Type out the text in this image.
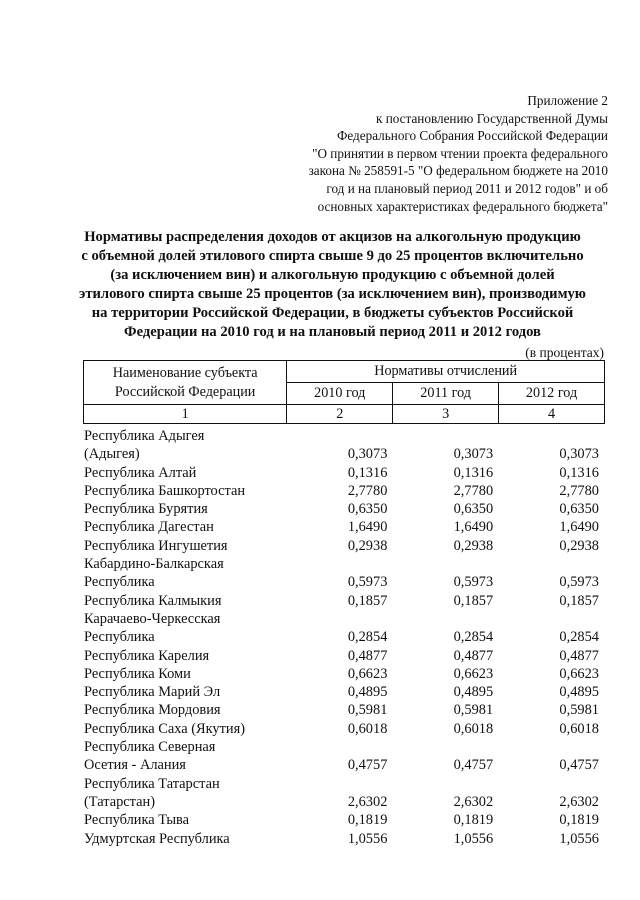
Приложение 2
к постановлению Государственной Думы
Федерального Собрания Российской Федерации
"О принятии в первом чтении проекта федерального
закона № 258591-5 "О федеральном бюджете на 2010
год и на плановый период 2011 и 2012 годов" и об
основных характеристиках федерального бюджета"
Нормативы распределения доходов от акцизов на алкогольную продукцию
с объемной долей этилового спирта свыше 9 до 25 процентов включительно
(за исключением вин) и алкогольную продукцию с объемной долей
этилового спирта свыше 25 процентов (за исключением вин), производимую
на территории Российской Федерации, в бюджеты субъектов Российской
Федерации на 2010 год и на плановый период 2011 и 2012 годов
(в процентах)
Наименование субъекта
Российской Федерации	Нормативы отчислений		
	2010 год	2011 год	2012 год
1	2	3	4
Республика Адыгея
(Адыгея)	0,3073	0,3073	0,3073
Республика Алтай	0,1316	0,1316	0,1316
Республика Башкортостан	2,7780	2,7780	2,7780
Республика Бурятия	0,6350	0,6350	0,6350
Республика Дагестан	1,6490	1,6490	1,6490
Республика Ингушетия	0,2938	0,2938	0,2938
Кабардино-Балкарская
Республика	0,5973	0,5973	0,5973
Республика Калмыкия	0,1857	0,1857	0,1857
Карачаево-Черкесская
Республика	0,2854	0,2854	0,2854
Республика Карелия	0,4877	0,4877	0,4877
Республика Коми	0,6623	0,6623	0,6623
Республика Марий Эл	0,4895	0,4895	0,4895
Республика Мордовия	0,5981	0,5981	0,5981
Республика Саха (Якутия)	0,6018	0,6018	0,6018
Республика Северная
Осетия - Алания	0,4757	0,4757	0,4757
Республика Татарстан
(Татарстан)	2,6302	2,6302	2,6302
Республика Тыва	0,1819	0,1819	0,1819
Удмуртская Республика	1,0556	1,0556	1,0556
